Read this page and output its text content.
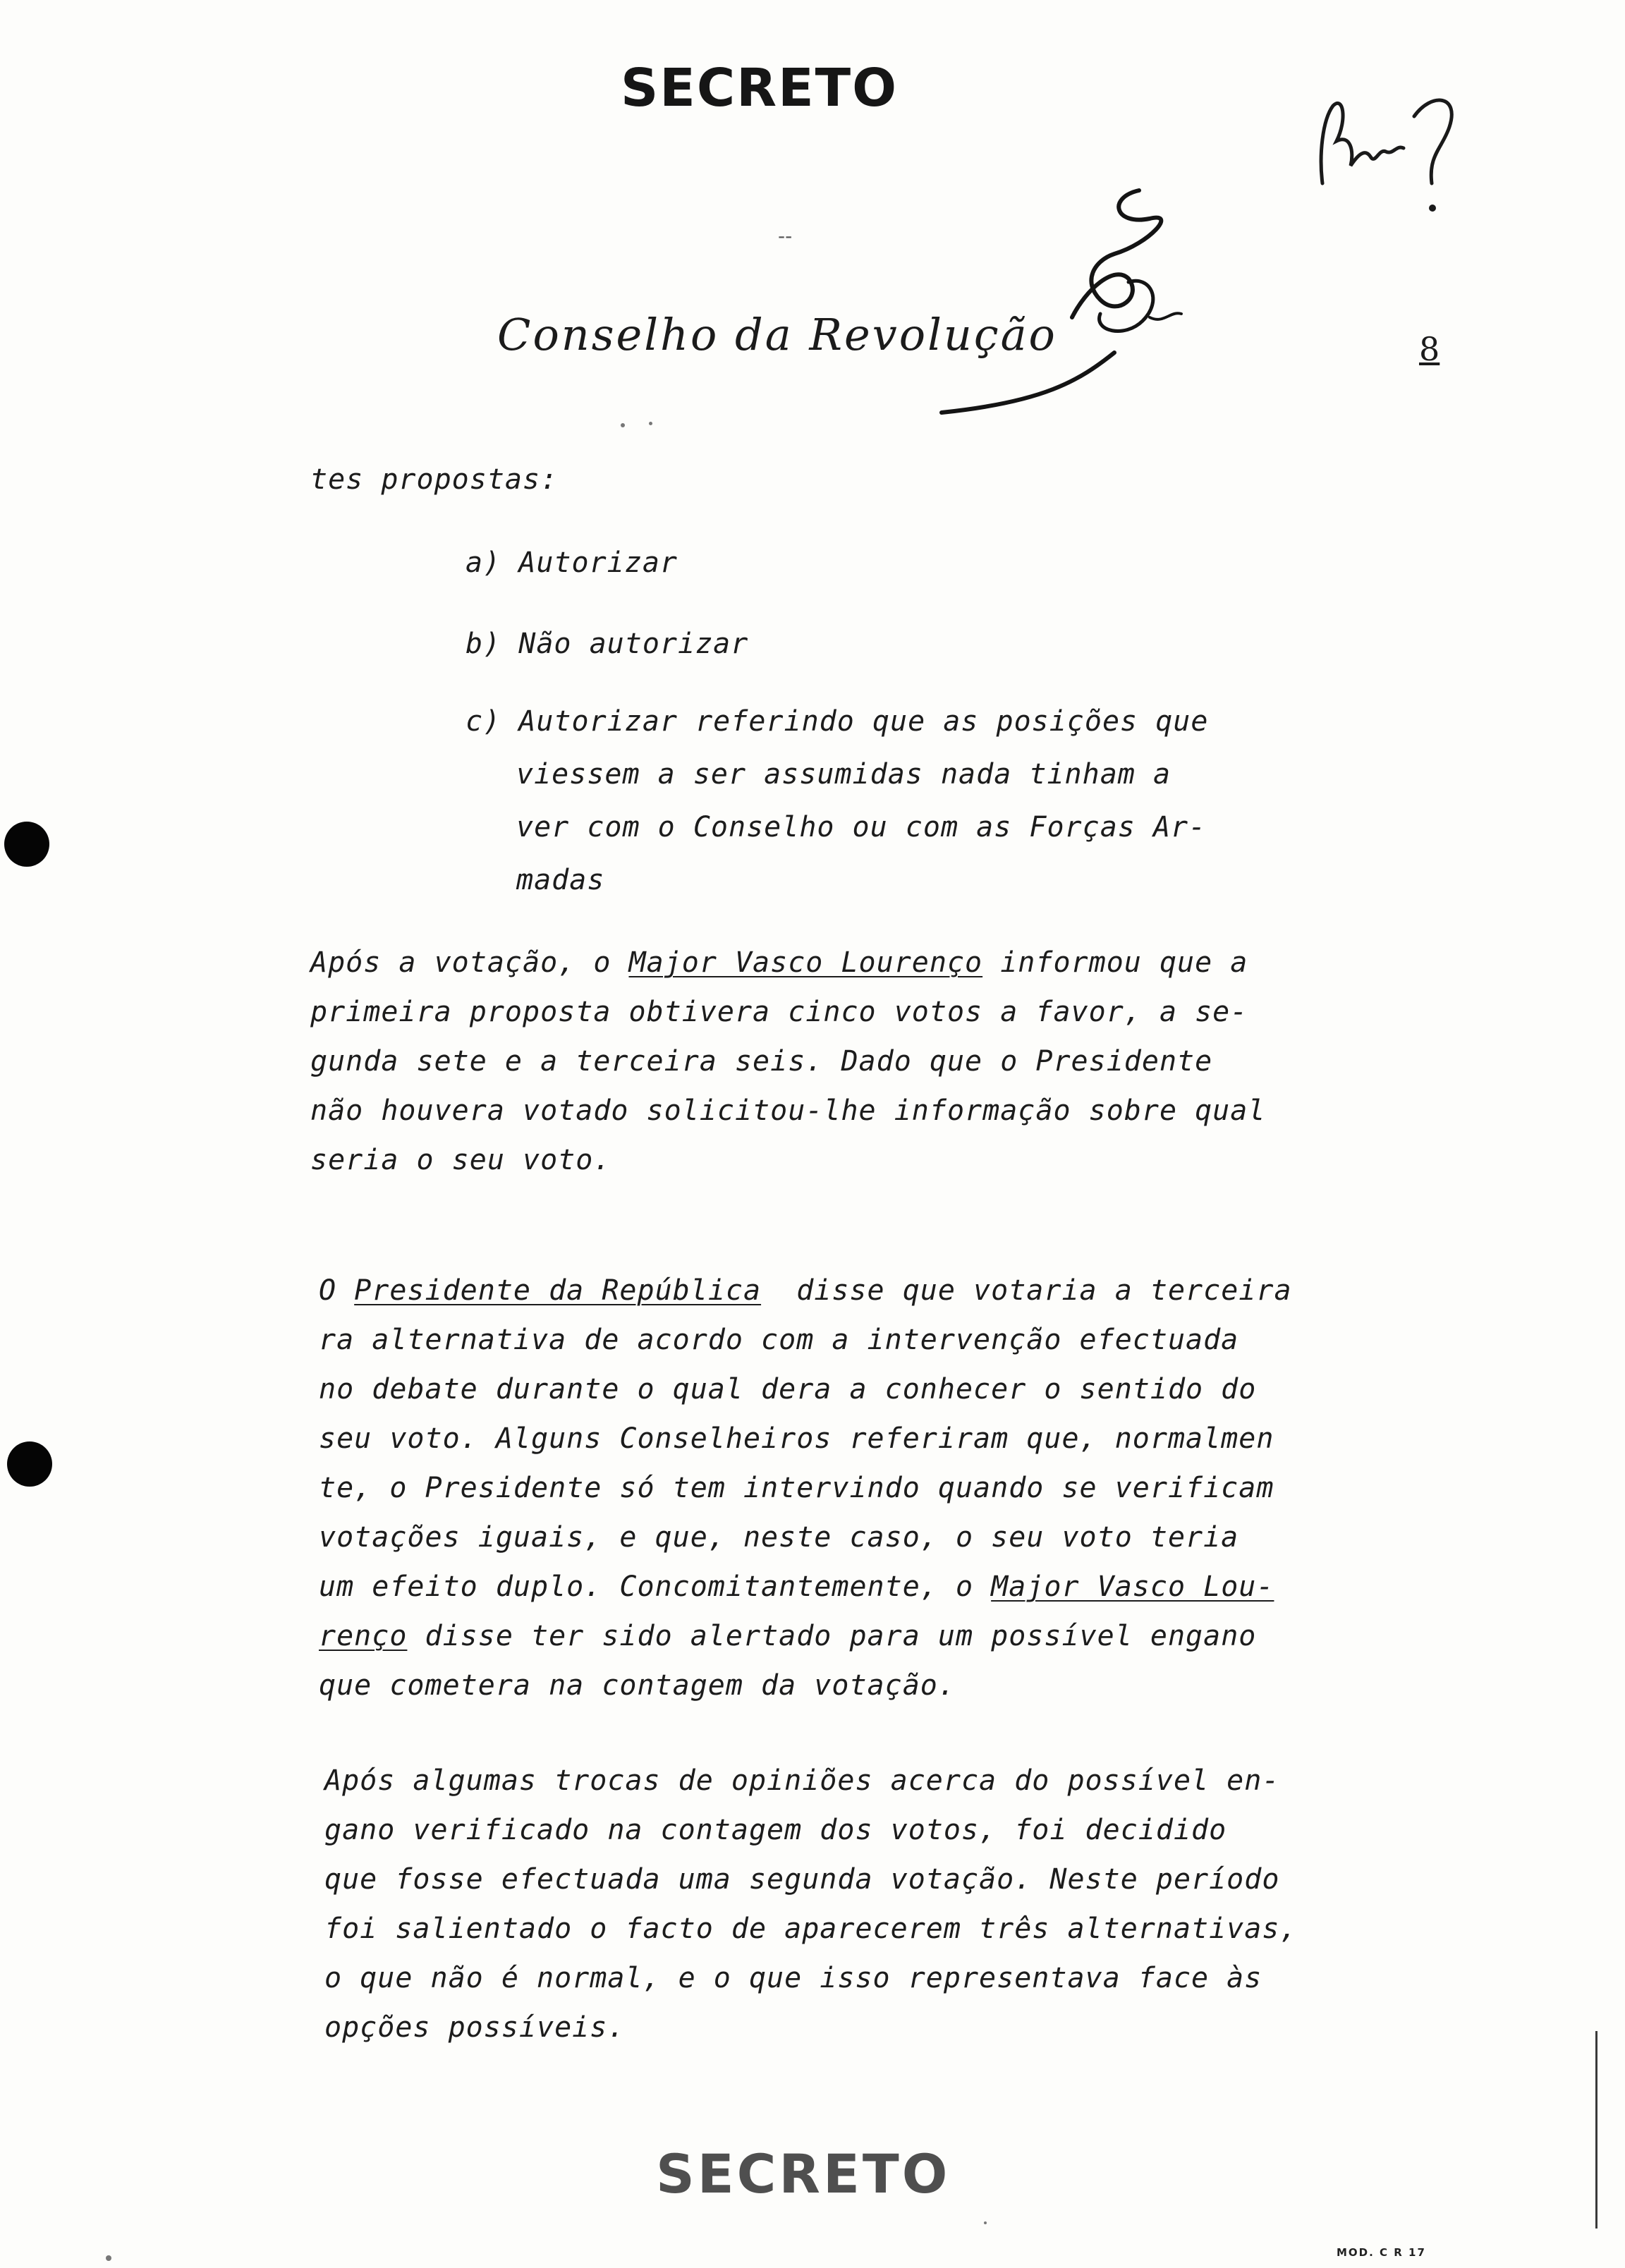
SECRETO
--
Conselho da Revolução	8
tes propostas:
a) Autorizar
b) Não autorizar
c) Autorizar referindo que as posições que
viessem a ser assumidas nada tinham a
ver com o Conselho ou com as Forças Ar-
madas
Após a votação, o Major Vasco Lourenço informou que a
primeira proposta obtivera cinco votos a favor, a se-
gunda sete e a terceira seis. Dado que o Presidente
não houvera votado solicitou-lhe informação sobre qual
seria o seu voto.
O Presidente da República  disse que votaria a terceira
ra alternativa de acordo com a intervenção efectuada
no debate durante o qual dera a conhecer o sentido do
seu voto. Alguns Conselheiros referiram que, normalmen
te, o Presidente só tem intervindo quando se verificam
votações iguais, e que, neste caso, o seu voto teria
um efeito duplo. Concomitantemente, o Major Vasco Lou-
renço disse ter sido alertado para um possível engano
que cometera na contagem da votação.
Após algumas trocas de opiniões acerca do possível en-
gano verificado na contagem dos votos, foi decidido
que fosse efectuada uma segunda votação. Neste período
foi salientado o facto de aparecerem três alternativas,
o que não é normal, e o que isso representava face às
opções possíveis.
SECRETO
MOD. C R 17
